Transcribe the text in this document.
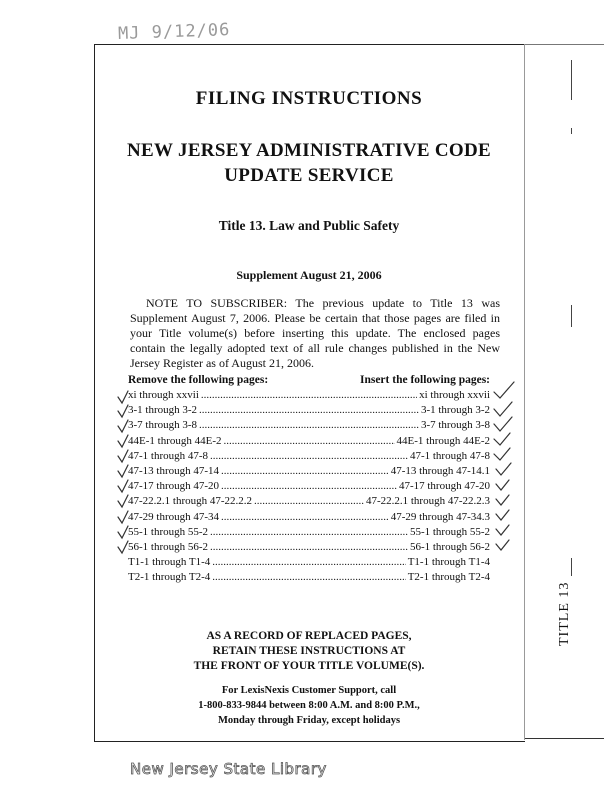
MJ 9/12/06
FILING INSTRUCTIONS
NEW JERSEY ADMINISTRATIVE CODE
UPDATE SERVICE
Title 13. Law and Public Safety
Supplement August 21, 2006
NOTE TO SUBSCRIBER: The previous update to Title 13 was Supplement August 7, 2006. Please be certain that those pages are filed in your Title volume(s) before inserting this update. The enclosed pages contain the legally adopted text of all rule changes published in the New Jersey Register as of August 21, 2006.
Remove the following pages:	Insert the following pages:
xi through xxvii .....	xi through xxvii
3-1 through 3-2 .....	3-1 through 3-2
3-7 through 3-8 .....	3-7 through 3-8
44E-1 through 44E-2 .....	44E-1 through 44E-2
47-1 through 47-8 .....	47-1 through 47-8
47-13 through 47-14 .....	47-13 through 47-14.1
47-17 through 47-20 .....	47-17 through 47-20
47-22.2.1 through 47-22.2.2 .....	47-22.2.1 through 47-22.2.3
47-29 through 47-34 .....	47-29 through 47-34.3
55-1 through 55-2 .....	55-1 through 55-2
56-1 through 56-2 .....	56-1 through 56-2
T1-1 through T1-4 .....	T1-1 through T1-4
T2-1 through T2-4 .....	T2-1 through T2-4
AS A RECORD OF REPLACED PAGES,
RETAIN THESE INSTRUCTIONS AT
THE FRONT OF YOUR TITLE VOLUME(S).
For LexisNexis Customer Support, call
1-800-833-9844 between 8:00 A.M. and 8:00 P.M.,
Monday through Friday, except holidays
TITLE 13
New Jersey State Library
